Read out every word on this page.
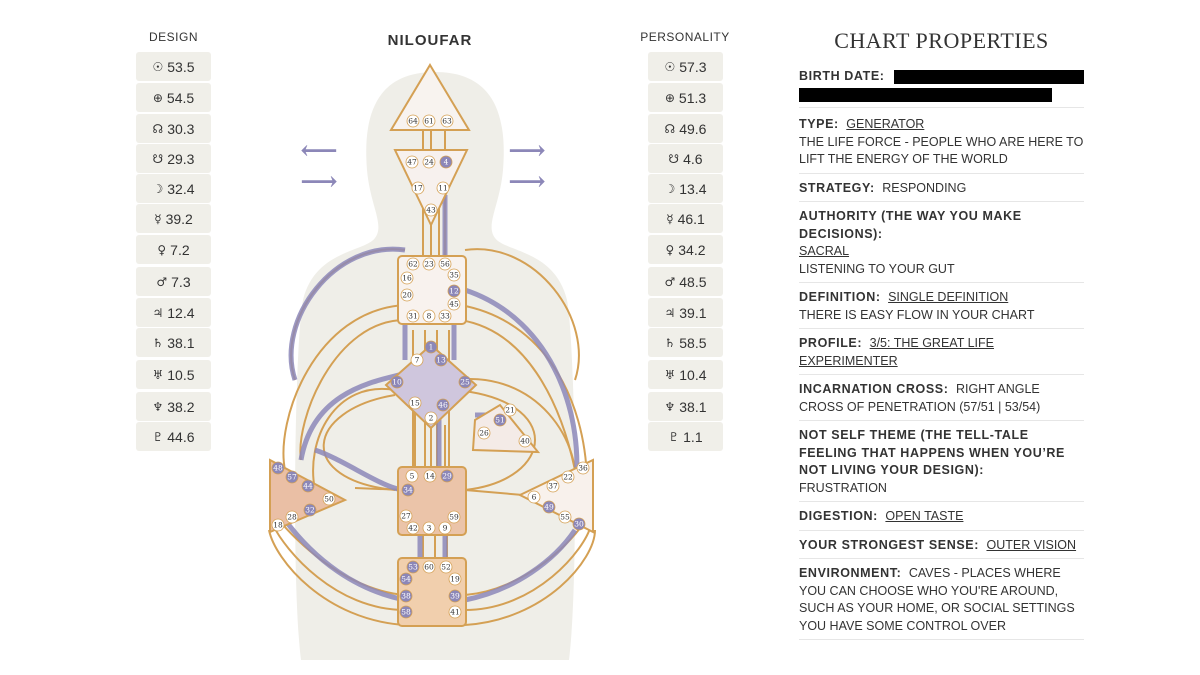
DESIGN	PERSONALITY
NILOUFAR
☉ 53.5
⊕ 54.5
☊ 30.3
☋ 29.3
☽ 32.4
☿ 39.2
♀ 7.2
♂ 7.3
♃ 12.4
♄ 38.1
♅ 10.5
♆ 38.2
♇ 44.6
☉ 57.3
⊕ 51.3
☊ 49.6
☋ 4.6
☽ 13.4
☿ 46.1
♀ 34.2
♂ 48.5
♃ 39.1
♄ 58.5
♅ 10.4
♆ 38.1
♇ 1.1
64 61 63
47 24 4
17 11
43
62 23 56
16	35
12
20
45
31 8 33
1
7 13
10	25
15 46
2
21
51
26
40
48
57
44
50
32
28
18
5 14 29
34
27	59
42 3 9
36
22
37
6
49
55
30
53 60 52
54	19
38	39
58	41
⟵
⟶
⟶
⟶
CHART PROPERTIES
BIRTH DATE:

TYPE: GENERATOR
THE LIFE FORCE - PEOPLE WHO ARE HERE TO LIFT THE ENERGY OF THE WORLD
STRATEGY: RESPONDING
AUTHORITY (THE WAY YOU MAKE DECISIONS):
SACRAL
LISTENING TO YOUR GUT
DEFINITION: SINGLE DEFINITION
THERE IS EASY FLOW IN YOUR CHART
PROFILE: 3/5: THE GREAT LIFE EXPERIMENTER
INCARNATION CROSS: RIGHT ANGLE CROSS OF PENETRATION (57/51 | 53/54)
NOT SELF THEME (THE TELL-TALE FEELING THAT HAPPENS WHEN YOU’RE NOT LIVING YOUR DESIGN):
FRUSTRATION
DIGESTION: OPEN TASTE
YOUR STRONGEST SENSE: OUTER VISION
ENVIRONMENT: CAVES - PLACES WHERE YOU CAN CHOOSE WHO YOU'RE AROUND, SUCH AS YOUR HOME, OR SOCIAL SETTINGS YOU HAVE SOME CONTROL OVER
